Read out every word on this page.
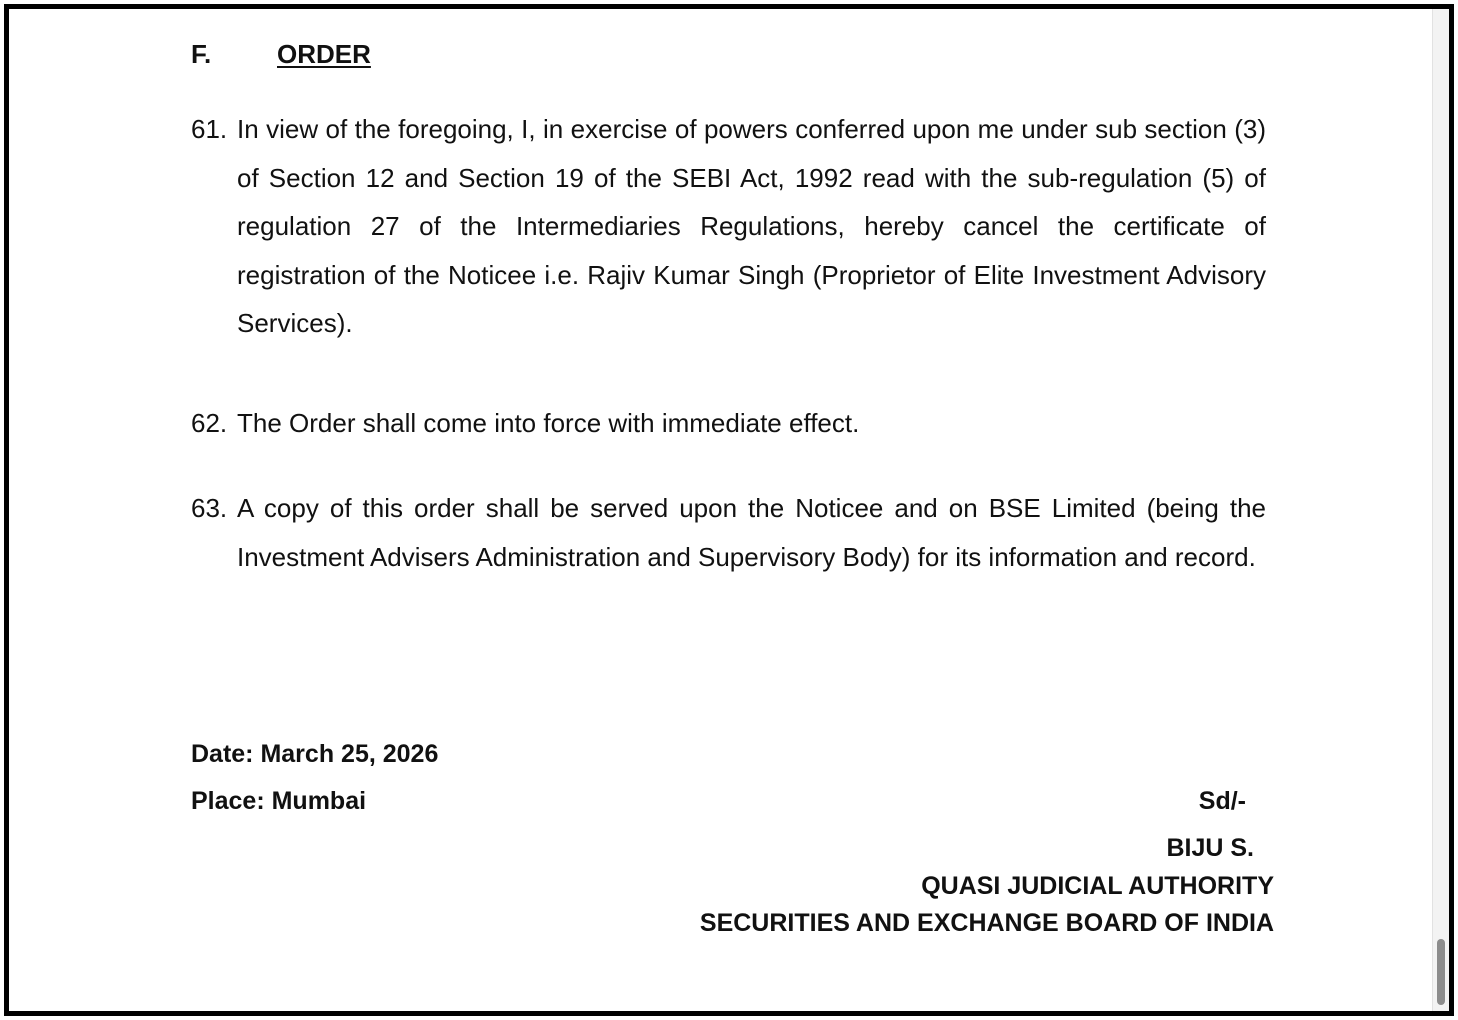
F.	ORDER
61. In view of the foregoing, I, in exercise of powers conferred upon me under sub section (3) of Section 12 and Section 19 of the SEBI Act, 1992 read with the sub-regulation (5) of regulation 27 of the Intermediaries Regulations, hereby cancel the certificate of registration of the Noticee i.e. Rajiv Kumar Singh (Proprietor of Elite Investment Advisory Services).
62. The Order shall come into force with immediate effect.
63. A copy of this order shall be served upon the Noticee and on BSE Limited (being the Investment Advisers Administration and Supervisory Body) for its information and record.
Date: March 25, 2026
Place: Mumbai	Sd/-
BIJU S.
QUASI JUDICIAL AUTHORITY
SECURITIES AND EXCHANGE BOARD OF INDIA
